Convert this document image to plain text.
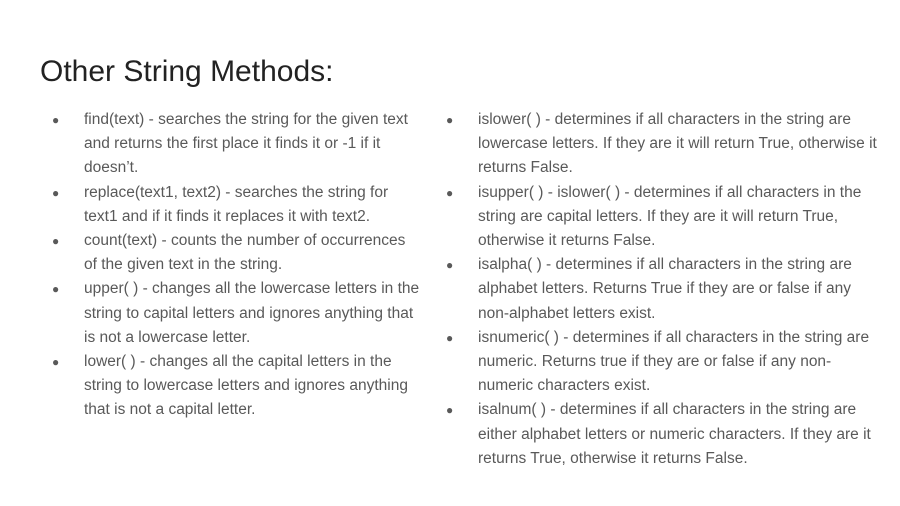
Other String Methods:
●	find(text) - searches the string for the given text and returns the first place it finds it or -1 if it doesn’t.
●	replace(text1, text2) - searches the string for text1 and if it finds it replaces it with text2.
●	count(text) - counts the number of occurrences of the given text in the string.
●	upper( ) - changes all the lowercase letters in the string to capital letters and ignores anything that is not a lowercase letter.
●	lower( ) - changes all the capital letters in the string to lowercase letters and ignores anything that is not a capital letter.
●	islower( ) - determines if all characters in the string are lowercase letters. If they are it will return True, otherwise it returns False.
●	isupper( ) - islower( ) - determines if all characters in the string are capital letters. If they are it will return True, otherwise it returns False.
●	isalpha( ) - determines if all characters in the string are alphabet letters. Returns True if they are or false if any non-alphabet letters exist.
●	isnumeric( ) - determines if all characters in the string are numeric. Returns true if they are or false if any non-numeric characters exist.
●	isalnum( ) - determines if all characters in the string are either alphabet letters or numeric characters. If they are it returns True, otherwise it returns False.
